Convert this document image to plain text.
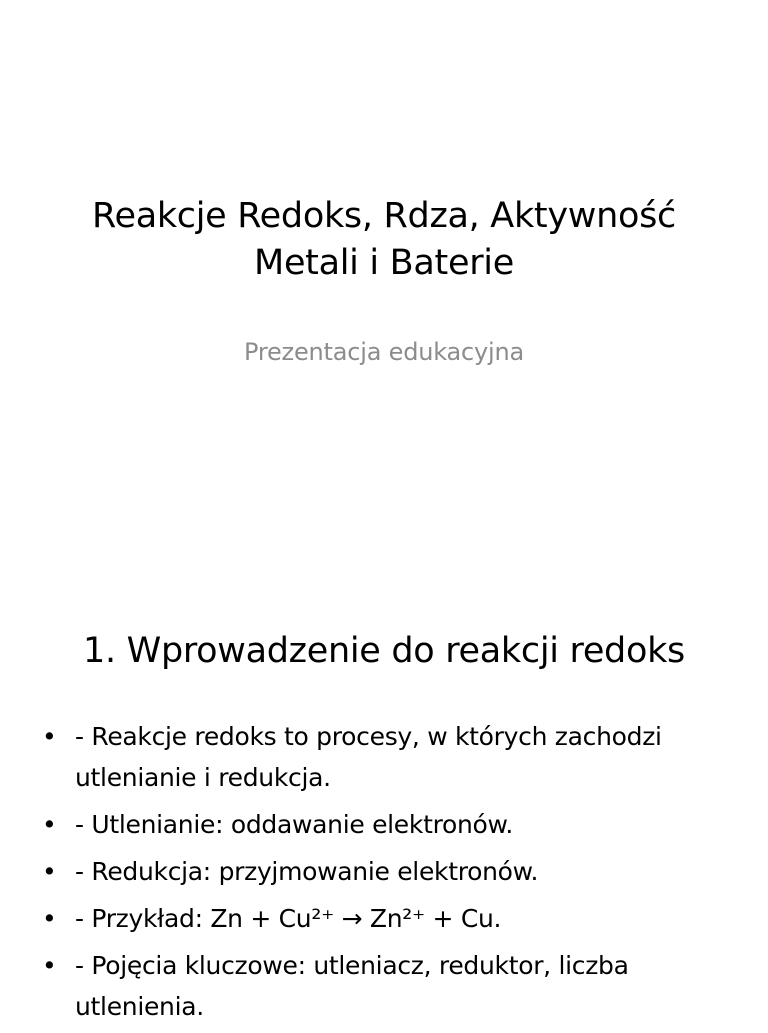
Reakcje Redoks, Rdza, Aktywność
Metali i Baterie

Prezentacja edukacyjna

1. Wprowadzenie do reakcji redoks
• - Reakcje redoks to procesy, w których zachodzi utlenianie i redukcja.
• - Utlenianie: oddawanie elektronów.
• - Redukcja: przyjmowanie elektronów.
• - Przykład: Zn + Cu²⁺ → Zn²⁺ + Cu.
• - Pojęcia kluczowe: utleniacz, reduktor, liczba utlenienia.
